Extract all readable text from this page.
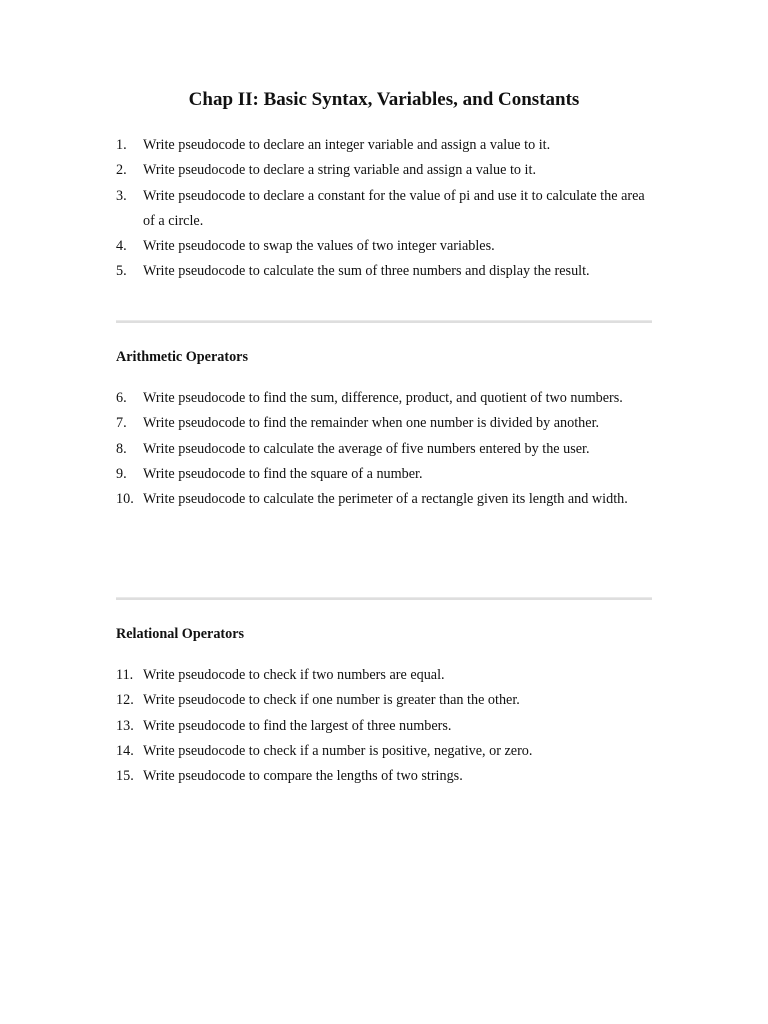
Chap II: Basic Syntax, Variables, and Constants
1.	Write pseudocode to declare an integer variable and assign a value to it.
2.	Write pseudocode to declare a string variable and assign a value to it.
3.	Write pseudocode to declare a constant for the value of pi and use it to calculate the area of a circle.
4.	Write pseudocode to swap the values of two integer variables.
5.	Write pseudocode to calculate the sum of three numbers and display the result.
Arithmetic Operators
6.	Write pseudocode to find the sum, difference, product, and quotient of two numbers.
7.	Write pseudocode to find the remainder when one number is divided by another.
8.	Write pseudocode to calculate the average of five numbers entered by the user.
9.	Write pseudocode to find the square of a number.
10. Write pseudocode to calculate the perimeter of a rectangle given its length and width.
Relational Operators
11. Write pseudocode to check if two numbers are equal.
12. Write pseudocode to check if one number is greater than the other.
13. Write pseudocode to find the largest of three numbers.
14. Write pseudocode to check if a number is positive, negative, or zero.
15. Write pseudocode to compare the lengths of two strings.
